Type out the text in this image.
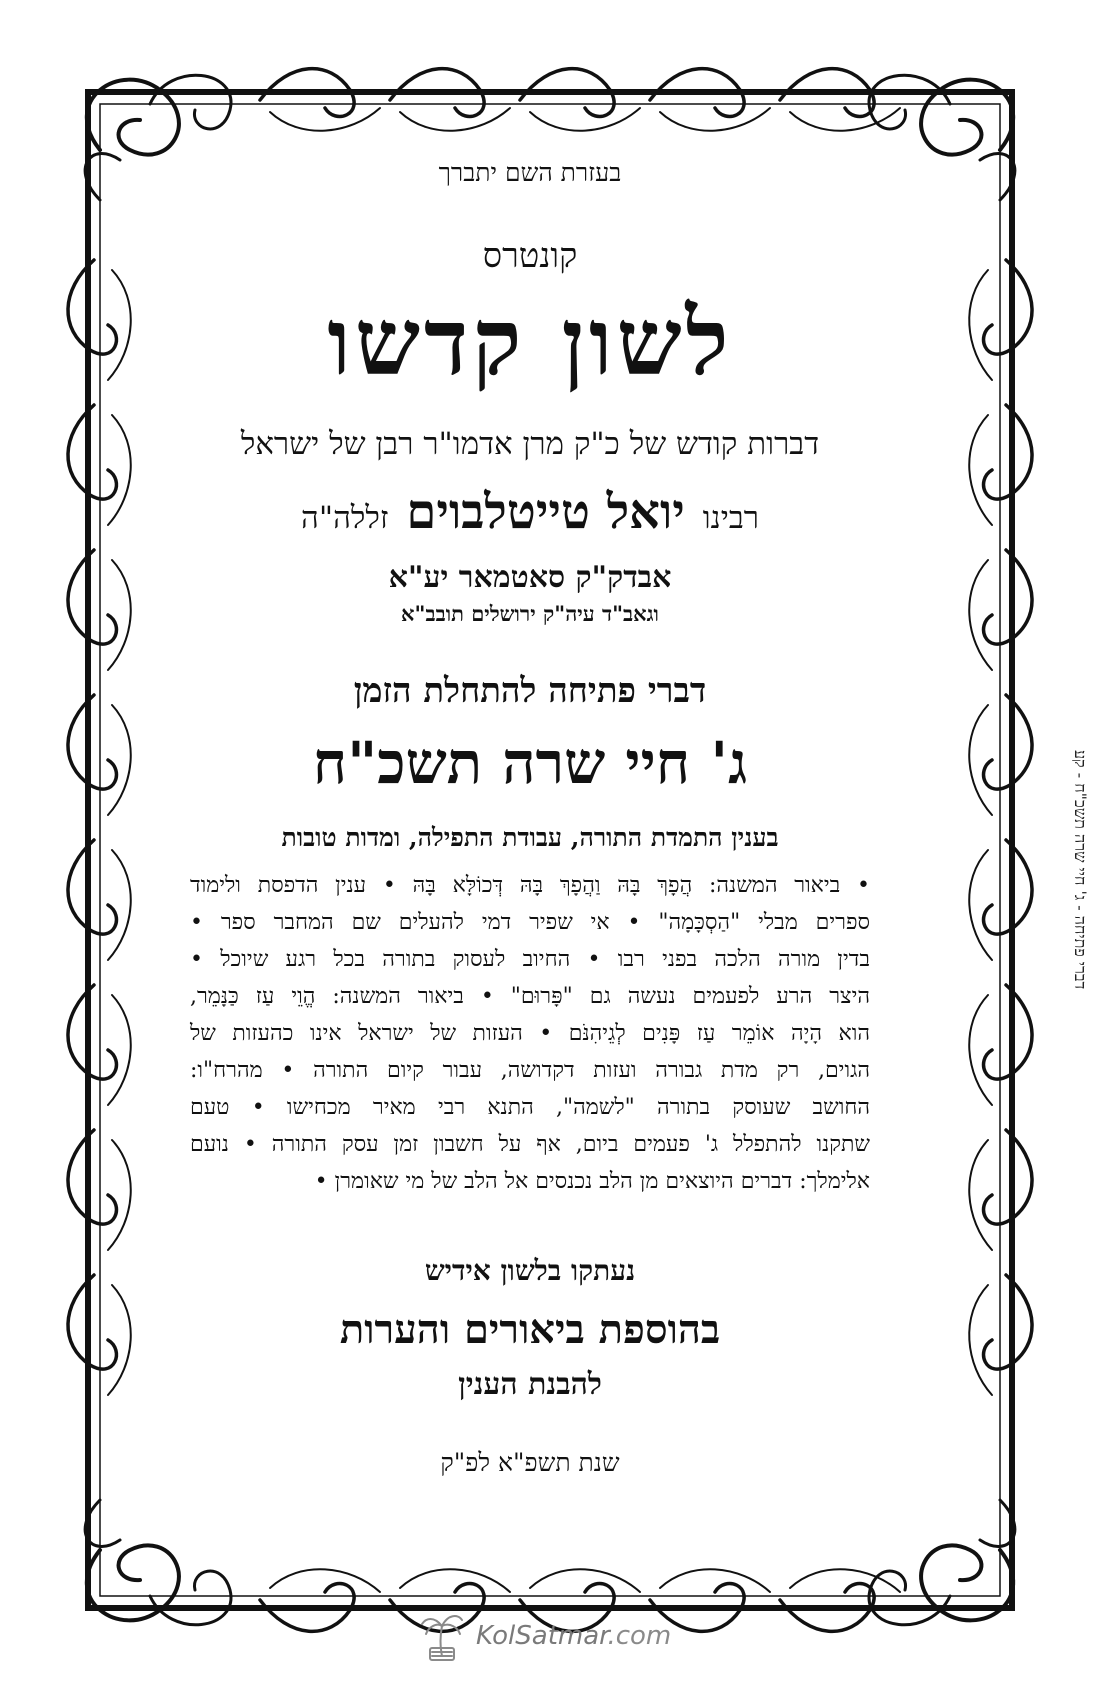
בעזרת השם יתברך
קונטרס
לשון קדשו
דברות קודש של כ"ק מרן אדמו"ר רבן של ישראל
רבינו יואל טייטלבוים זללה"ה
אבדק"ק סאטמאר יע"א
וגאב"ד עיה"ק ירושלים תובב"א
דברי פתיחה להתחלת הזמן
ג' חיי שרה תשכ"ח
בענין התמדת התורה, עבודת התפילה, ומדות טובות
• ביאור המשנה: הֲפָךְ בָּהּ וַהֲפָךְ בָּהּ דְּכוֹלָּא בָּהּ • ענין הדפסת ולימוד
ספרים מבלי "הַסְכָּמָה" • אי שפיר דמי להעלים שם המחבר ספר •
בדין מורה הלכה בפני רבו • החיוב לעסוק בתורה בכל רגע שיוכל •
היצר הרע לפעמים נעשה גם "פָּרוּם" • ביאור המשנה: הֱוֵי עַז כַּנָּמֵר,
הוא הָיָה אוֹמֵר עַז פָּנִים לְגֵיהִנֹּם • העזות של ישראל אינו כהעזות של
הגוים, רק מדת גבורה ועזות דקדושה, עבור קיום התורה • מהרח"ו:
החושב שעוסק בתורה "לשמה", התנא רבי מאיר מכחישו • טעם
שתקנו להתפלל ג' פעמים ביום, אף על חשבון זמן עסק התורה • נועם
אלימלך: דברים היוצאים מן הלב נכנסים אל הלב של מי שאומרן •
נעתקו בלשון אידיש
בהוספת ביאורים והערות
להבנת הענין
שנת תשפ"א לפ"ק
דברי פתיחה - ג' חיי שרה תשכ"ח - קע
KolSatmar.com
